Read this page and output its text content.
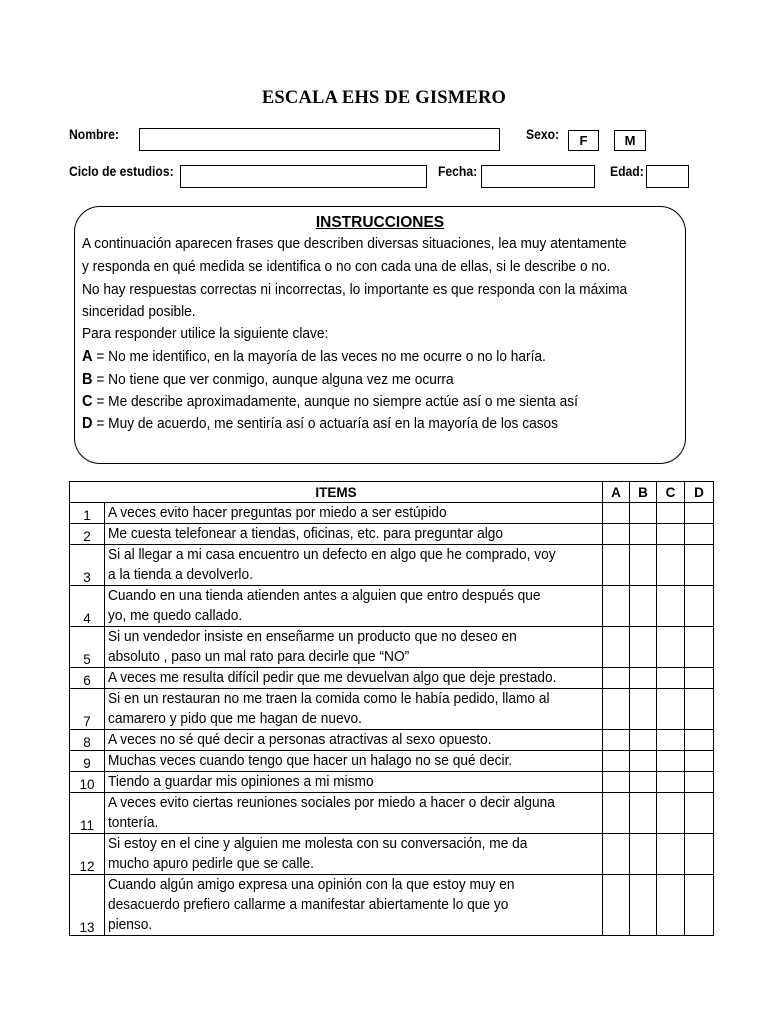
ESCALA EHS DE GISMERO
Nombre:	Sexo:	F	M
Ciclo de estudios:	Fecha:	Edad:
INSTRUCCIONES
A continuación aparecen frases que describen diversas situaciones, lea muy atentamente
y responda en qué medida se identifica o no con cada una de ellas, si le describe o no.
No hay respuestas correctas ni incorrectas, lo importante es que responda con la máxima
sinceridad posible.
Para responder utilice la siguiente clave:
A = No me identifico, en la mayoría de las veces no me ocurre o no lo haría.
B = No tiene que ver conmigo, aunque alguna vez me ocurra
C = Me describe aproximadamente, aunque no siempre actúe así o me sienta así
D = Muy de acuerdo, me sentiría así o actuaría así en la mayoría de los casos
ITEMS		A	B	C	D
1	A veces evito hacer preguntas por miedo a ser estúpido				

2	Me cuesta telefonear a tiendas, oficinas, etc. para preguntar algo				

3	Si al llegar a mi casa encuentro un defecto en algo que he comprado, voy
a la tienda a devolverlo.				

4	Cuando en una tienda atienden antes a alguien que entro después que
yo, me quedo callado.				

5	Si un vendedor insiste en enseñarme un producto que no deseo en
absoluto , paso un mal rato para decirle que “NO”				

6	A veces me resulta difícil pedir que me devuelvan algo que deje prestado.				

7	Si en un restauran no me traen la comida como le había pedido, llamo al
camarero y pido que me hagan de nuevo.				

8	A veces no sé qué decir a personas atractivas al sexo opuesto.				

9	Muchas veces cuando tengo que hacer un halago no se qué decir.				

10	Tiendo a guardar mis opiniones a mi mismo				

11	A veces evito ciertas reuniones sociales por miedo a hacer o decir alguna
tontería.				

12	Si estoy en el cine y alguien me molesta con su conversación, me da
mucho apuro pedirle que se calle.				

13	Cuando algún amigo expresa una opinión con la que estoy muy en
desacuerdo prefiero callarme a manifestar abiertamente lo que yo
pienso.				
